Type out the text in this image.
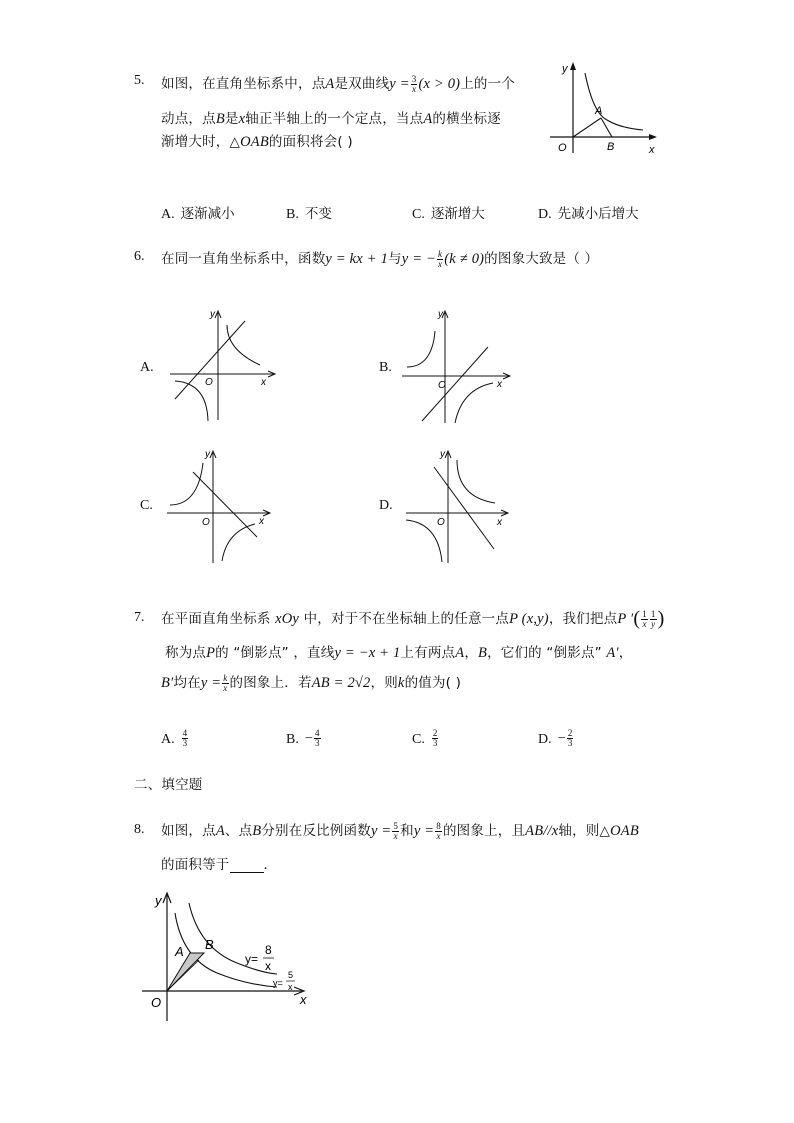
5. 如图，在直角坐标系中，点A是双曲线$y = \frac{3}{x} (x > 0)$上的一个
动点，点B是x轴正半轴上的一个定点，当点A的横坐标逐
渐增大时，△OAB的面积将会( )
y
x
O
A
B
A. 逐渐减小	B. 不变	C. 逐渐增大	D. 先减小后增大
6. 在同一直角坐标系中，函数y = kx + 1与y = − $\frac{k}{x} (k \ne 0)$的图象大致是（ ）
A.
y
x
O
B.
y
x
O
C.
y
x
O
D.
y
x
O
7. 在平面直角坐标系 xOy 中，对于不在坐标轴上的任意一点P (x,y)，我们把点P ′( $\frac{1}{x} \frac{1}{y}$ )
称为点P的 “倒影点” ，直线y = −x + 1上有两点A，B，它们的 “倒影点” A′，
B′均在$y = \frac{k}{x}$ 的图象上．若AB = 2√2，则k的值为( )
A. $\frac{4}{3}$	B. − $\frac{4}{3}$	C. $\frac{2}{3}$	D. − $\frac{2}{3}$
二、填空题
8. 如图，点A、点B分别在反比例函数$y = \frac{5}{x}$ 和$y = \frac{8}{x}$ 的图象上，且AB//x轴，则△OAB
的面积等于	．
y
x
O
A B
y=
8
x
y=
5
x
